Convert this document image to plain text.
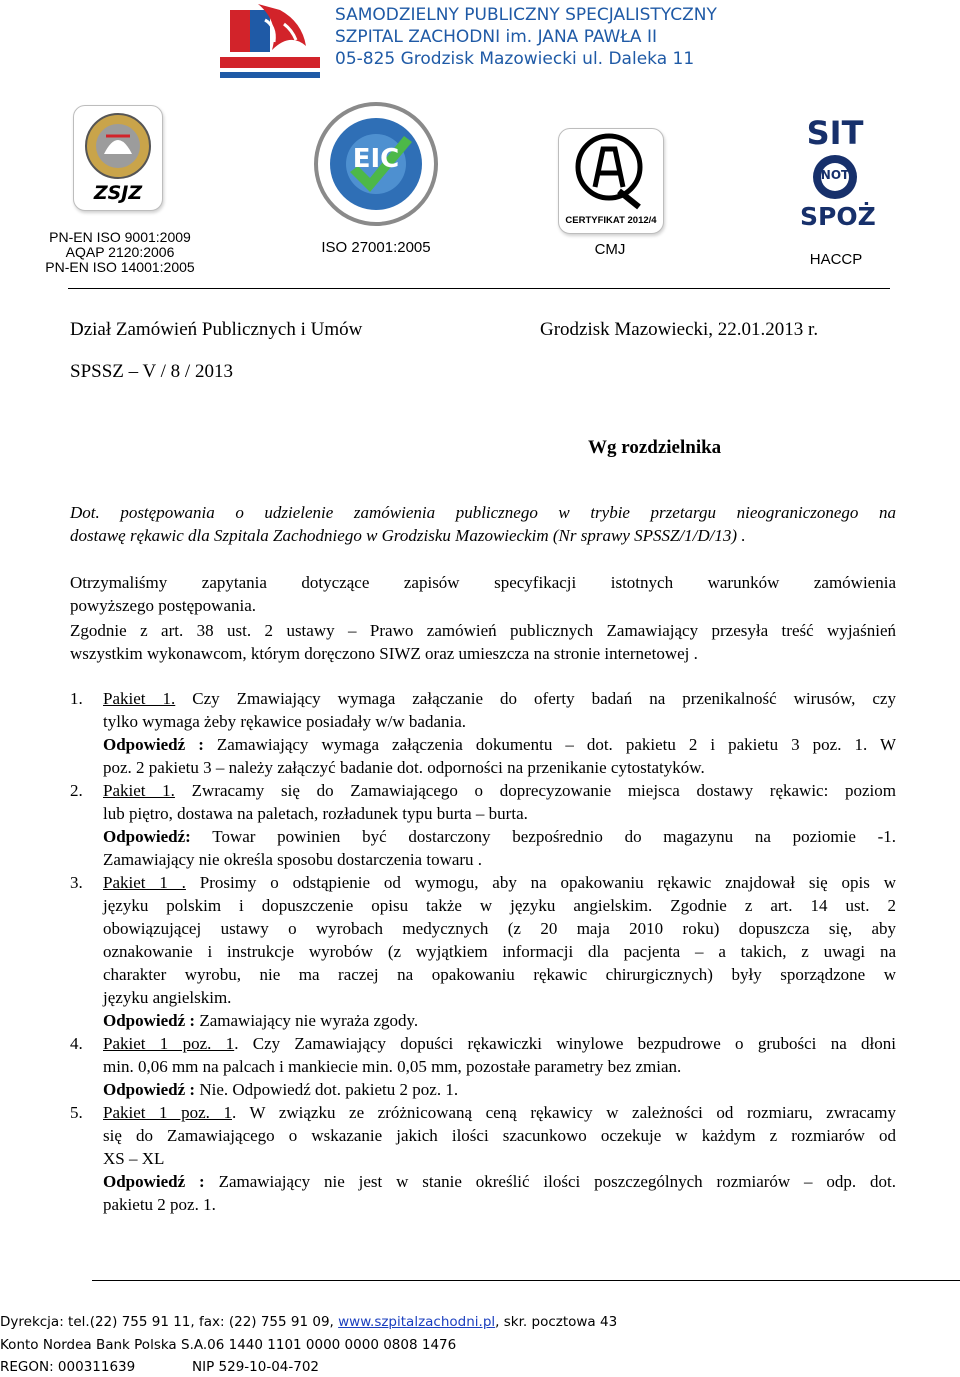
SAMODZIELNY PUBLICZNY SPECJALISTYCZNY
SZPITAL ZACHODNI im. JANA PAWŁA II
05-825 Grodzisk Mazowiecki ul. Daleka 11
ZSJZ
PN-EN ISO 9001:2009
AQAP 2120:2006
PN-EN ISO 14001:2005
EIC
ISO 27001:2005
CERTYFIKAT 2012/4
CMJ
SIT
NOT
SPOŻ
HACCP
Dział Zamówień Publicznych i Umów	Grodzisk Mazowiecki, 22.01.2013 r.
SPSSZ – V / 8 / 2013
Wg rozdzielnika
Dot. postępowania o udzielenie zamówienia publicznego w trybie przetargu nieograniczonego na
dostawę rękawic dla Szpitala Zachodniego w Grodzisku Mazowieckim (Nr sprawy SPSSZ/1/D/13) .
Otrzymaliśmy zapytania dotyczące zapisów specyfikacji istotnych warunków zamówienia
powyższego postępowania.
Zgodnie z art. 38 ust. 2 ustawy – Prawo zamówień publicznych Zamawiający przesyła treść wyjaśnień
wszystkim wykonawcom, którym doręczono SIWZ oraz umieszcza na stronie internetowej .
1. Pakiet 1. Czy Zmawiający wymaga załączanie do oferty badań na przenikalność wirusów, czy
tylko wymaga żeby rękawice posiadały w/w badania.
Odpowiedź : Zamawiający wymaga załączenia dokumentu – dot. pakietu 2 i pakietu 3 poz. 1. W
poz. 2 pakietu 3 – należy załączyć badanie dot. odporności na przenikanie cytostatyków.
2. Pakiet 1. Zwracamy się do Zamawiającego o doprecyzowanie miejsca dostawy rękawic: poziom
lub piętro, dostawa na paletach, rozładunek typu burta – burta.
Odpowiedź: Towar powinien być dostarczony bezpośrednio do magazynu na poziomie -1.
Zamawiający nie określa sposobu dostarczenia towaru .
3. Pakiet 1 . Prosimy o odstąpienie od wymogu, aby na opakowaniu rękawic znajdował się opis w
języku polskim i dopuszczenie opisu także w języku angielskim. Zgodnie z art. 14 ust. 2
obowiązującej ustawy o wyrobach medycznych (z 20 maja 2010 roku) dopuszcza się, aby
oznakowanie i instrukcje wyrobów (z wyjątkiem informacji dla pacjenta – a takich, z uwagi na
charakter wyrobu, nie ma raczej na opakowaniu rękawic chirurgicznych) były sporządzone w
języku angielskim.
Odpowiedź : Zamawiający nie wyraża zgody.
4. Pakiet 1 poz. 1. Czy Zamawiający dopuści rękawiczki winylowe bezpudrowe o grubości na dłoni
min. 0,06 mm na palcach i mankiecie min. 0,05 mm, pozostałe parametry bez zmian.
Odpowiedź : Nie. Odpowiedź dot. pakietu 2 poz. 1.
5. Pakiet 1 poz. 1. W związku ze zróżnicowaną ceną rękawicy w zależności od rozmiaru, zwracamy
się do Zamawiającego o wskazanie jakich ilości szacunkowo oczekuje w każdym z rozmiarów od
XS – XL
Odpowiedź : Zamawiający nie jest w stanie określić ilości poszczególnych rozmiarów – odp. dot.
pakietu 2 poz. 1.
Dyrekcja: tel.(22) 755 91 11, fax: (22) 755 91 09, www.szpitalzachodni.pl, skr. pocztowa 43
Konto Nordea Bank Polska S.A.06 1440 1101 0000 0000 0808 1476
REGON: 000311639	NIP 529-10-04-702
